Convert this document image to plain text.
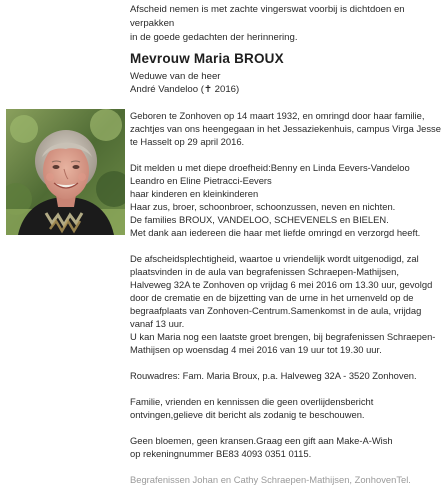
Afscheid nemen is met zachte vingerswat voorbij is dichtdoen en
verpakken
in de goede gedachten der herinnering.
Mevrouw Maria BROUX
Weduwe van de heer
André Vandeloo (✝ 2016)

Geboren te Zonhoven op 14 maart 1932, en omringd door haar familie,

zachtjes van ons heengegaan in het Jessaziekenhuis, campus Virga Jesse

te Hasselt op 29 april 2016.

Dit melden u met diepe droefheid:Benny en Linda Eevers-Vandeloo

Leandro en Eline Pietracci-Eevers

haar kinderen en kleinkinderen

Haar zus, broer, schoonbroer, schoonzussen, neven en nichten.

De families BROUX, VANDELOO, SCHEVENELS en BIELEN.

Met dank aan iedereen die haar met liefde omringd en verzorgd heeft.

De afscheidsplechtigheid, waartoe u vriendelijk wordt uitgenodigd, zal

plaatsvinden in de aula van begrafenissen Schraepen-Mathijsen,

Halveweg 32A te Zonhoven op vrijdag 6 mei 2016 om 13.30 uur, gevolgd

door de crematie en de bijzetting van de urne in het urnenveld op de

begraafplaats van Zonhoven-Centrum.Samenkomst in de aula, vrijdag

vanaf 13 uur.

U kan Maria nog een laatste groet brengen, bij begrafenissen Schraepen-

Mathijsen op woensdag 4 mei 2016 van 19 uur tot 19.30 uur.

Rouwadres: Fam. Maria Broux, p.a. Halveweg 32A - 3520 Zonhoven.

Familie, vrienden en kennissen die geen overlijdensbericht

ontvingen,gelieve dit bericht als zodanig te beschouwen.

Geen bloemen, geen kransen.Graag een gift aan Make-A-Wish

op rekeningnummer BE83 4093 0351 0115.

Begrafenissen Johan en Cathy Schraepen-Mathijsen, ZonhovenTel.
